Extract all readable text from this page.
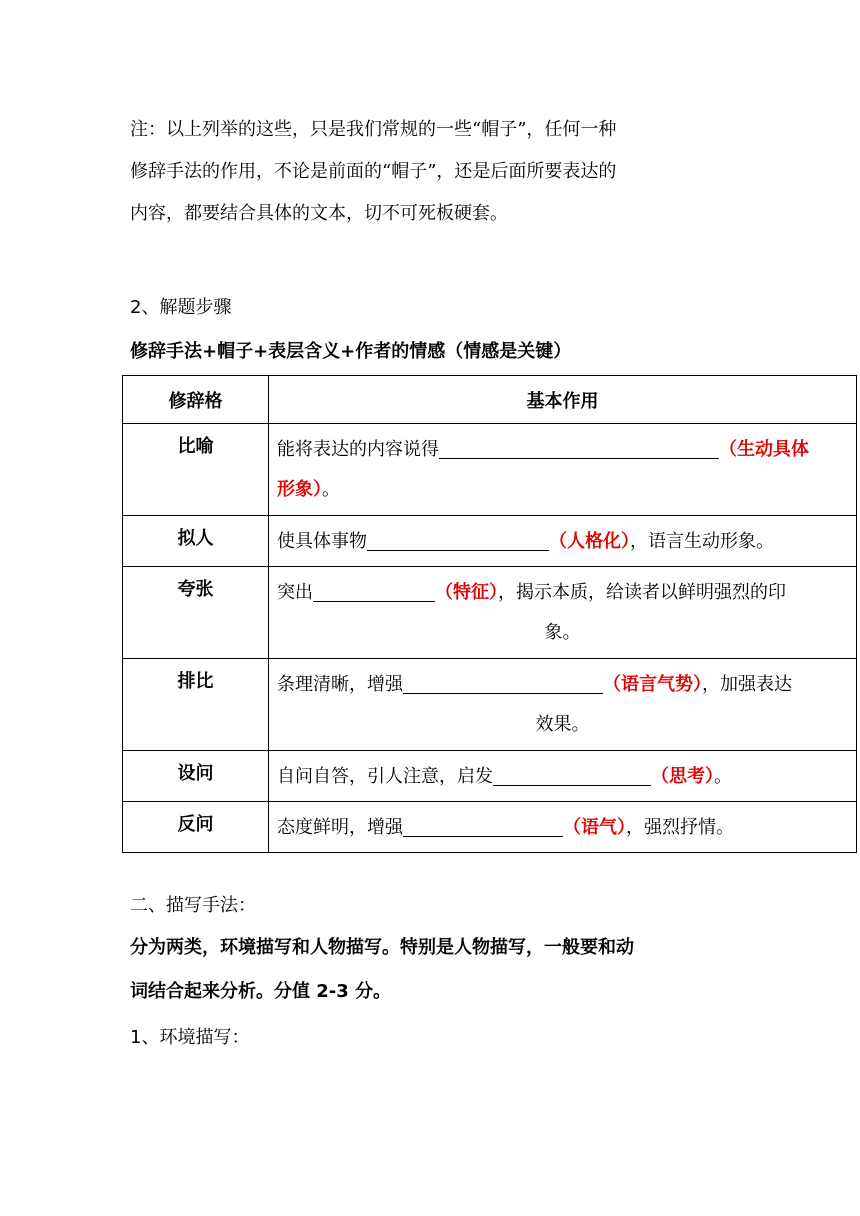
注：以上列举的这些，只是我们常规的一些“帽子”，任何一种

修辞手法的作用，不论是前面的“帽子”，还是后面所要表达的

内容，都要结合具体的文本，切不可死板硬套。

2、解题步骤

修辞手法+帽子+表层含义+作者的情感（情感是关键）

修辞格	基本作用
比喻	能将表达的内容说得 （生动具体
形象）。
拟人	使具体事物 （人格化），语言生动形象。
夸张	突出 （特征），揭示本质，给读者以鲜明强烈的印
象。

排比	条理清晰，增强 （语言气势），加强表达
效果。

设问	自问自答，引人注意，启发 （思考）。
反问	态度鲜明，增强 （语气），强烈抒情。

二、描写手法：

分为两类，环境描写和人物描写。特别是人物描写，一般要和动

词结合起来分析。分值 2-3 分。

1、环境描写：
